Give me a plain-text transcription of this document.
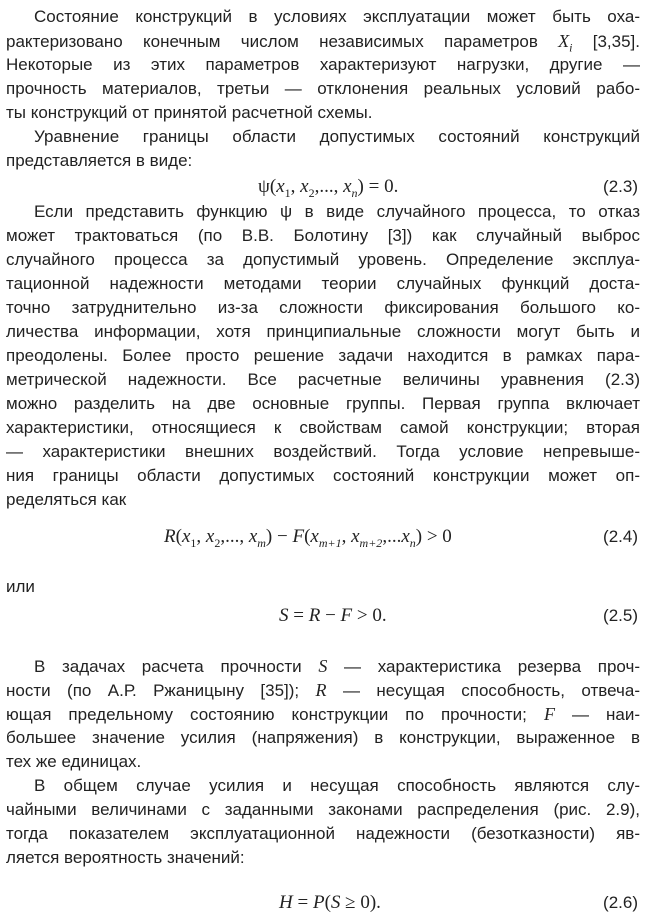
Состояние конструкций в условиях эксплуатации может быть оха-
рактеризовано конечным числом независимых параметров $X_i$ [3,35].
Некоторые из этих параметров характеризуют нагрузки, другие —
прочность материалов, третьи — отклонения реальных условий рабо-
ты конструкций от принятой расчетной схемы.
Уравнение границы области допустимых состояний конструкций
представляется в виде:
$\psi(x_1$, $x_2$,..., $x_n) = 0$.	(2.3)
Если представить функцию ψ в виде случайного процесса, то отказ
может трактоваться (по В.В. Болотину [3]) как случайный выброс
случайного процесса за допустимый уровень. Определение эксплуа-
тационной надежности методами теории случайных функций доста-
точно затруднительно из-за сложности фиксирования большого ко-
личества информации, хотя принципиальные сложности могут быть и
преодолены. Более просто решение задачи находится в рамках пара-
метрической надежности. Все расчетные величины уравнения (2.3)
можно разделить на две основные группы. Первая группа включает
характеристики, относящиеся к свойствам самой конструкции; вторая
— характеристики внешних воздействий. Тогда условие непревыше-
ния границы области допустимых состояний конструкции может оп-
ределяться как
$R(x_1$, $x_2$,..., $x_m) - F(x_{m+1}$, $x_{m+2},...x_n) > 0$	(2.4)
или
S = R − F > 0.	(2.5)
В задачах расчета прочности S — характеристика резерва проч-
ности (по А.Р. Ржаницыну [35]); R — несущая способность, отвеча-
ющая предельному состоянию конструкции по прочности; F — наи-
большее значение усилия (напряжения) в конструкции, выраженное в
тех же единицах.
В общем случае усилия и несущая способность являются слу-
чайными величинами с заданными законами распределения (рис. 2.9),
тогда показателем эксплуатационной надежности (безотказности) яв-
ляется вероятность значений:
H = P(S ≥ 0).	(2.6)
